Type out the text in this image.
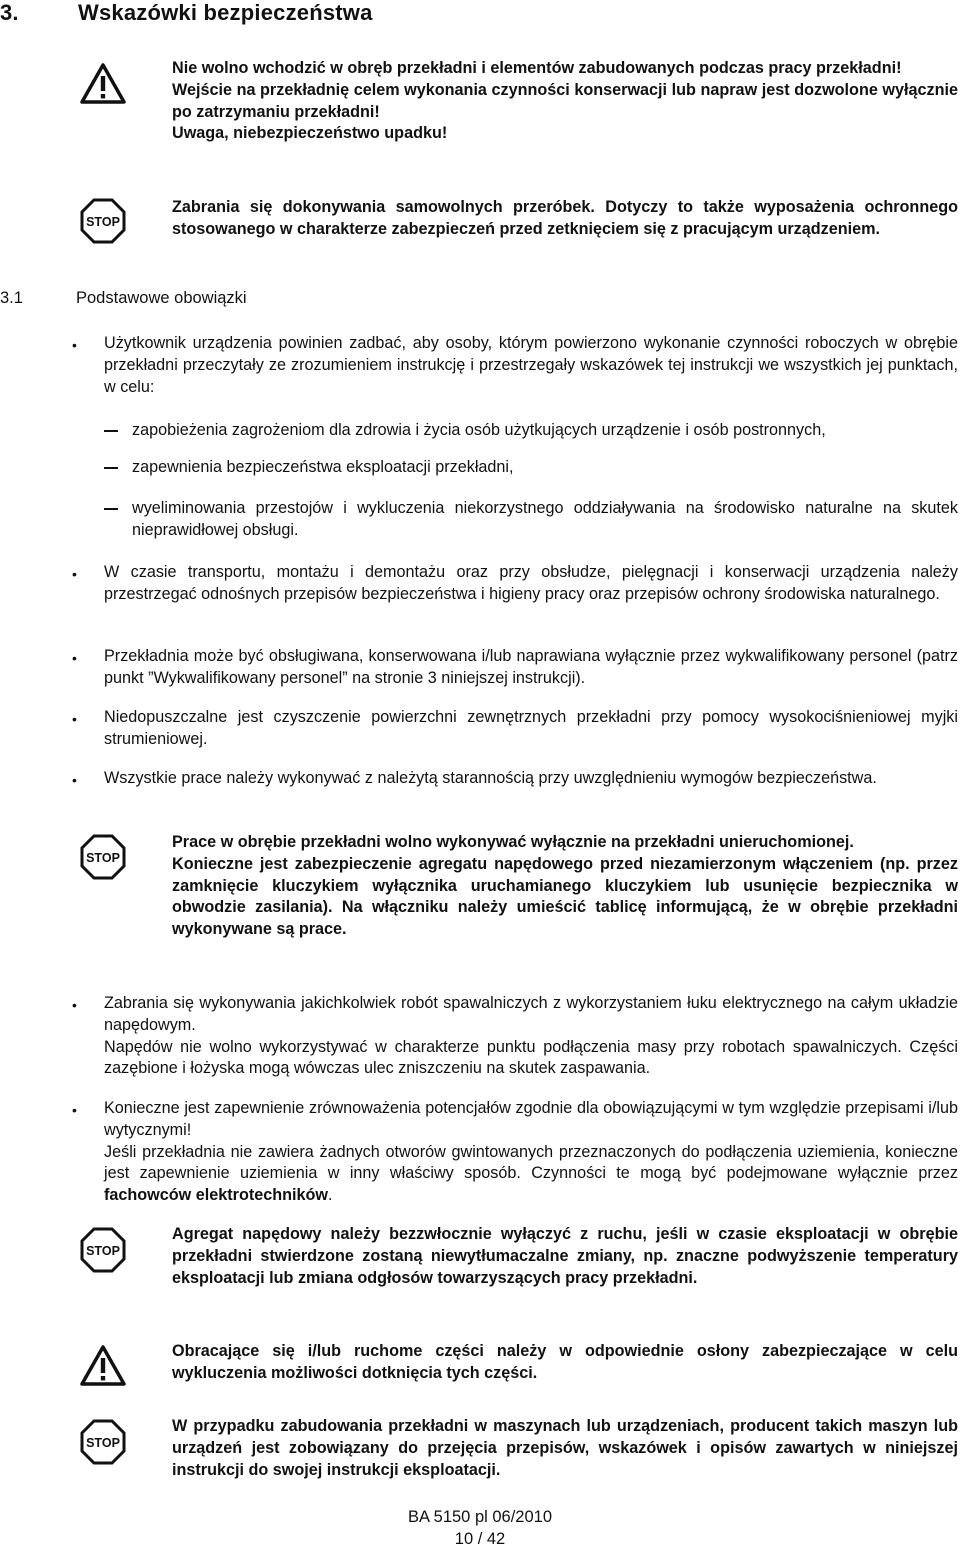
3.	Wskazówki bezpieczeństwa

Nie wolno wchodzić w obręb przekładni i elementów zabudowanych podczas pracy przekładni!

Wejście na przekładnię celem wykonania czynności konserwacji lub napraw jest dozwolone wyłącznie po zatrzymaniu przekładni!

Uwaga, niebezpieczeństwo upadku!

STOP

Zabrania się dokonywania samowolnych przeróbek. Dotyczy to także wyposażenia ochronnego stosowanego w charakterze zabezpieczeń przed zetknięciem się z pracującym urządzeniem.

3.1	Podstawowe obowiązki
• Użytkownik urządzenia powinien zadbać, aby osoby, którym powierzono wykonanie czynności roboczych w obrębie przekładni przeczytały ze zrozumieniem instrukcję i przestrzegały wskazówek tej instrukcji we wszystkich jej punktach, w celu:
zapobieżenia zagrożeniom dla zdrowia i życia osób użytkujących urządzenie i osób postronnych,
zapewnienia bezpieczeństwa eksploatacji przekładni,
wyeliminowania przestojów i wykluczenia niekorzystnego oddziaływania na środowisko naturalne na skutek nieprawidłowej obsługi.
• W czasie transportu, montażu i demontażu oraz przy obsłudze, pielęgnacji i konserwacji urządzenia należy przestrzegać odnośnych przepisów bezpieczeństwa i higieny pracy oraz przepisów ochrony środowiska naturalnego.
• Przekładnia może być obsługiwana, konserwowana i/lub naprawiana wyłącznie przez wykwalifikowany personel (patrz punkt ”Wykwalifikowany personel” na stronie 3 niniejszej instrukcji).
• Niedopuszczalne jest czyszczenie powierzchni zewnętrznych przekładni przy pomocy wysokociśnieniowej myjki strumieniowej.
• Wszystkie prace należy wykonywać z należytą starannością przy uwzględnieniu wymogów bezpieczeństwa.
STOP

Prace w obrębie przekładni wolno wykonywać wyłącznie na przekładni unieruchomionej.

Konieczne jest zabezpieczenie agregatu napędowego przed niezamierzonym włączeniem (np. przez zamknięcie kluczykiem wyłącznika uruchamianego kluczykiem lub usunięcie bezpiecznika w obwodzie zasilania). Na włączniku należy umieścić tablicę informującą, że w obrębie przekładni wykonywane są prace.

• Zabrania się wykonywania jakichkolwiek robót spawalniczych z wykorzystaniem łuku elektrycznego na całym układzie napędowym.

Napędów nie wolno wykorzystywać w charakterze punktu podłączenia masy przy robotach spawalniczych. Części zazębione i łożyska mogą wówczas ulec zniszczeniu na skutek zaspawania.

• Konieczne jest zapewnienie zrównoważenia potencjałów zgodnie dla obowiązującymi w tym względzie przepisami i/lub wytycznymi!

Jeśli przekładnia nie zawiera żadnych otworów gwintowanych przeznaczonych do podłączenia uziemienia, konieczne jest zapewnienie uziemienia w inny właściwy sposób. Czynności te mogą być podejmowane wyłącznie przez fachowców elektrotechników.

STOP

Agregat napędowy należy bezzwłocznie wyłączyć z ruchu, jeśli w czasie eksploatacji w obrębie przekładni stwierdzone zostaną niewytłumaczalne zmiany, np. znaczne podwyższenie temperatury eksploatacji lub zmiana odgłosów towarzyszących pracy przekładni.

Obracające się i/lub ruchome części należy w odpowiednie osłony zabezpieczające w celu wykluczenia możliwości dotknięcia tych części.

STOP

W przypadku zabudowania przekładni w maszynach lub urządzeniach, producent takich maszyn lub urządzeń jest zobowiązany do przejęcia przepisów, wskazówek i opisów zawartych w niniejszej instrukcji do swojej instrukcji eksploatacji.

BA 5150 pl 06/2010
10 / 42
